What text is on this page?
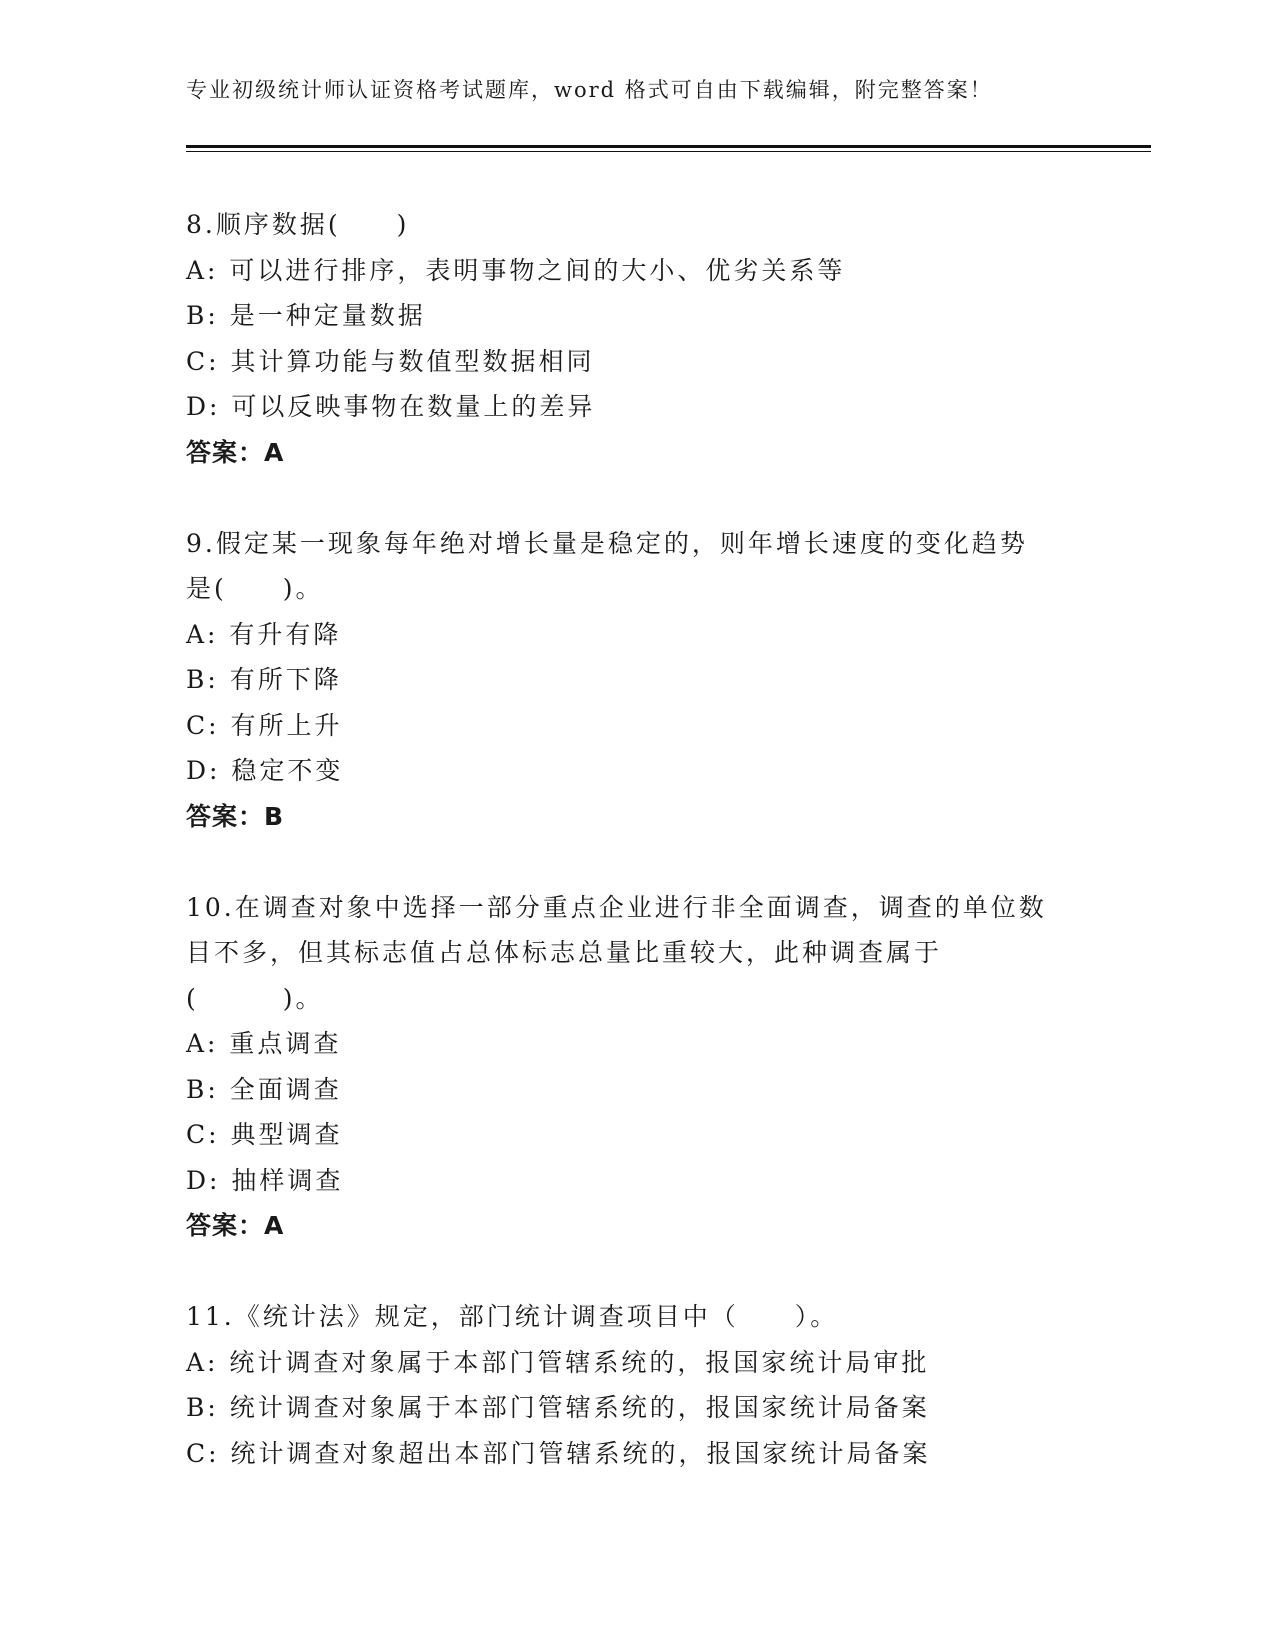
专业初级统计师认证资格考试题库，word 格式可自由下载编辑，附完整答案！
8.顺序数据(　　)
A: 可以进行排序，表明事物之间的大小、优劣关系等
B: 是一种定量数据
C: 其计算功能与数值型数据相同
D: 可以反映事物在数量上的差异
答案：A
9.假定某一现象每年绝对增长量是稳定的，则年增长速度的变化趋势
是(　　)。
A: 有升有降
B: 有所下降
C: 有所上升
D: 稳定不变
答案：B
10.在调查对象中选择一部分重点企业进行非全面调查，调查的单位数
目不多，但其标志值占总体标志总量比重较大，此种调查属于
(　　　)。
A: 重点调查
B: 全面调查
C: 典型调查
D: 抽样调查
答案：A
11.《统计法》规定，部门统计调查项目中（　　）。
A: 统计调查对象属于本部门管辖系统的，报国家统计局审批
B: 统计调查对象属于本部门管辖系统的，报国家统计局备案
C: 统计调查对象超出本部门管辖系统的，报国家统计局备案
